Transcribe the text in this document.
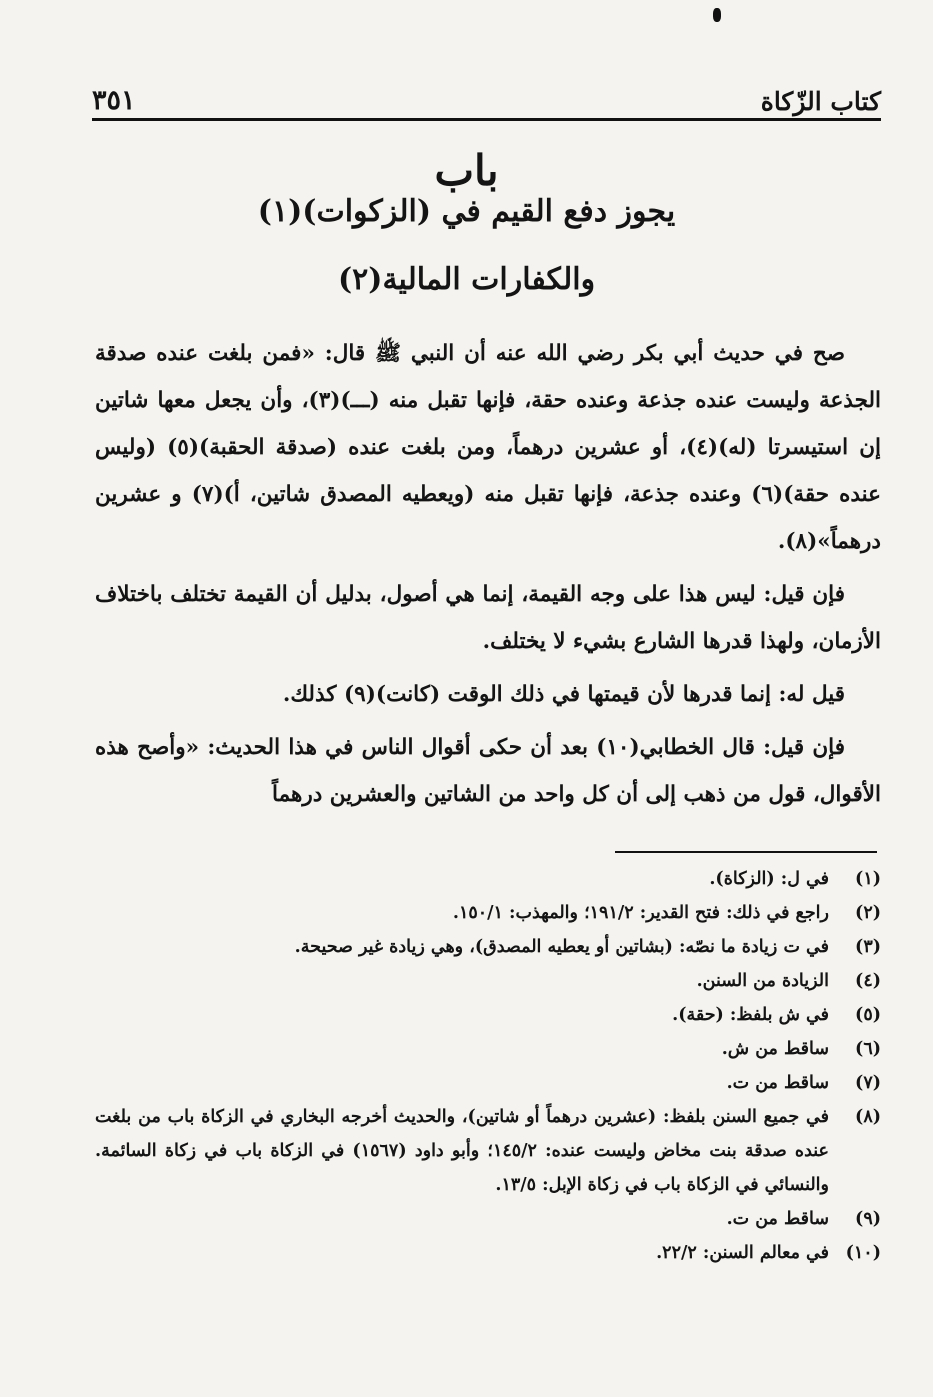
كتاب الزّكاة
٣٥١
باب
يجوز دفع القيم في (الزكوات)(١)
والكفارات المالية(٢)

صح في حديث أبي بكر رضي الله عنه أن النبي ﷺ قال: «فمن بلغت عنده صدقة الجذعة وليست عنده جذعة وعنده حقة، فإنها تقبل منه (ـــ)(٣)، وأن يجعل معها شاتين إن استيسرتا (له)(٤)، أو عشرين درهماً، ومن بلغت عنده (صدقة الحقبة)(٥) (وليس عنده حقة)(٦) وعنده جذعة، فإنها تقبل منه (ويعطيه المصدق شاتين، أ)(٧) و عشرين درهماً»(٨).

فإن قيل: ليس هذا على وجه القيمة، إنما هي أصول، بدليل أن القيمة تختلف باختلاف الأزمان، ولهذا قدرها الشارع بشيء لا يختلف.

قيل له: إنما قدرها لأن قيمتها في ذلك الوقت (كانت)(٩) كذلك.

فإن قيل: قال الخطابي(١٠) بعد أن حكى أقوال الناس في هذا الحديث: «وأصح هذه الأقوال، قول من ذهب إلى أن كل واحد من الشاتين والعشرين درهماً

(١)
في ل: (الزكاة).
(٢)
راجع في ذلك: فتح القدير: ١٩١/٢؛ والمهذب: ١٥٠/١.
(٣)
في ت زيادة ما نصّه: (بشاتين أو يعطيه المصدق)، وهي زيادة غير صحيحة.
(٤)
الزيادة من السنن.
(٥)
في ش بلفظ: (حقة).
(٦)
ساقط من ش.
(٧)
ساقط من ت.
(٨)
في جميع السنن بلفظ: (عشرين درهماً أو شاتين)، والحديث أخرجه البخاري في الزكاة باب من بلغت عنده صدقة بنت مخاض وليست عنده: ١٤٥/٢؛ وأبو داود (١٥٦٧) في الزكاة باب في زكاة السائمة. والنسائي في الزكاة باب في زكاة الإبل: ١٣/٥.
(٩)
ساقط من ت.
(١٠)
في معالم السنن: ٢٢/٢.
